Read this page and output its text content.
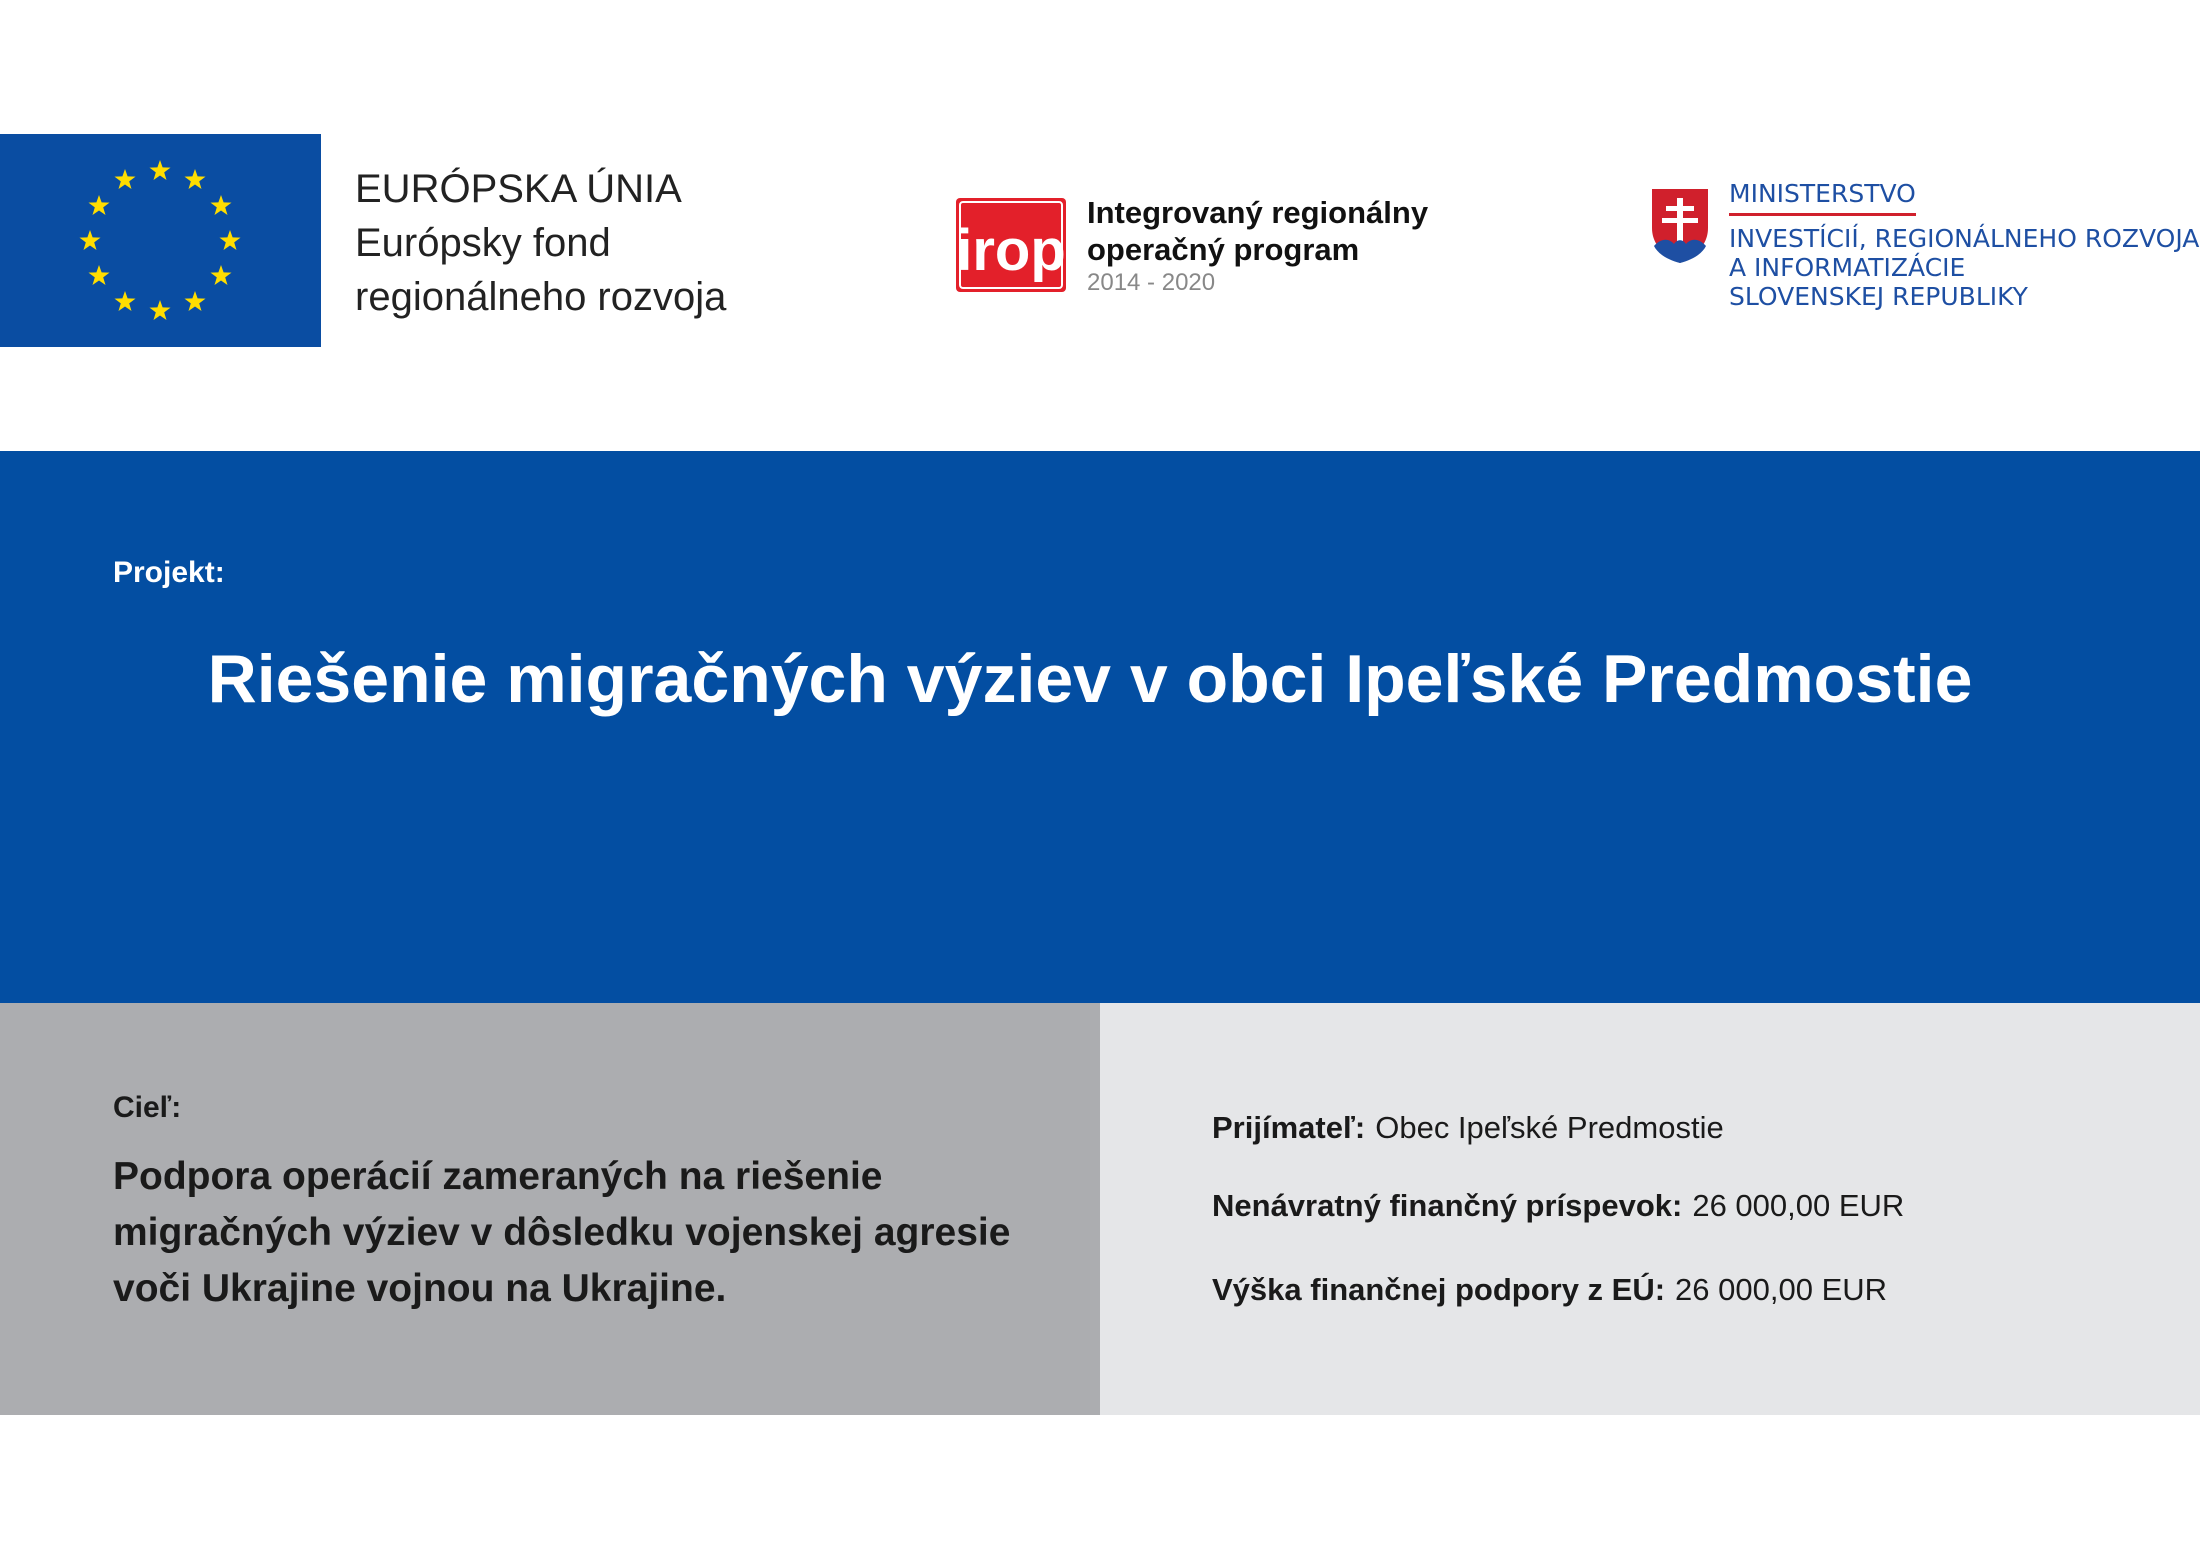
EURÓPSKA ÚNIA
Európsky fond
regionálneho rozvoja
irop
Integrovaný regionálny
operačný program
2014 - 2020
MINISTERSTVO
INVESTÍCIÍ, REGIONÁLNEHO ROZVOJA
A INFORMATIZÁCIE
SLOVENSKEJ REPUBLIKY
Projekt:
Riešenie migračných výziev v obci Ipeľské Predmostie
Cieľ:
Podpora operácií zameraných na riešenie migračných výziev v dôsledku vojenskej agresie voči Ukrajine vojnou na Ukrajine.
Prijímateľ: Obec Ipeľské Predmostie
Nenávratný finančný príspevok: 26 000,00 EUR
Výška finančnej podpory z EÚ: 26 000,00 EUR
